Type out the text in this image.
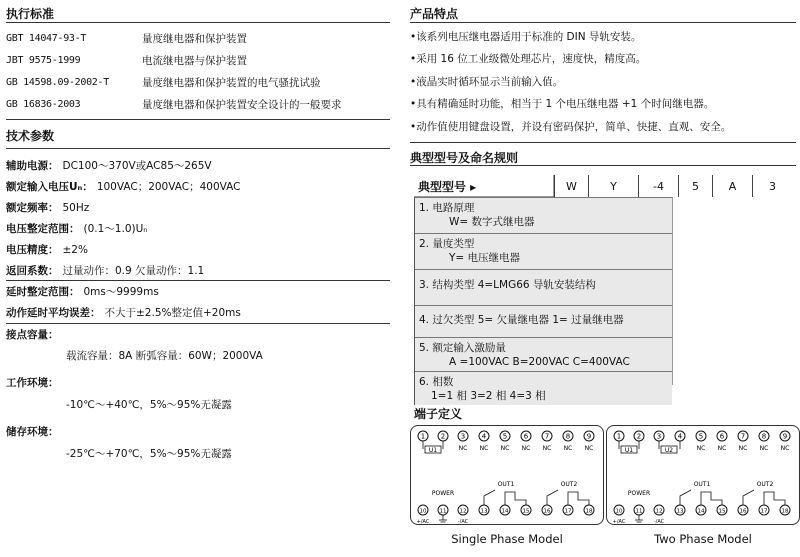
执行标准
GBT 14047-93-T	量度继电器和保护装置
JBT 9575-1999	电流继电器与保护装置
GB 14598.09-2002-T	量度继电器和保护装置的电气骚扰试验
GB 16836-2003	量度继电器和保护装置安全设计的一般要求
技术参数
辅助电源： DC100～370V或AC85～265V
额定输入电压Uₙ： 100VAC；200VAC；400VAC
额定频率： 50Hz
电压整定范围： (0.1～1.0)Uₙ
电压精度： ±2%
返回系数： 过量动作：0.9 欠量动作：1.1
延时整定范围： 0ms～9999ms
动作延时平均误差： 不大于±2.5%整定值+20ms
接点容量：
载流容量：8A 断弧容量：60W；2000VA
工作环境：
-10℃～+40℃，5%～95%无凝露
储存环境：
-25℃～+70℃，5%～95%无凝露
产品特点
•该系列电压继电器适用于标准的 DIN 导轨安装。
•采用 16 位工业级微处理芯片，速度快，精度高。
•液晶实时循环显示当前输入值。
•具有精确延时功能，相当于 1 个电压继电器 +1 个时间继电器。
•动作值使用键盘设置，并设有密码保护，简单、快捷、直观、安全。
典型型号及命名规则
典型型号 ▸	W	Y	-4	5	A	3
1. 电路原理
W= 数字式继电器
2. 量度类型
Y= 电压继电器
3. 结构类型 4=LMG66 导轨安装结构
4. 过欠类型 5= 欠量继电器 1= 过量继电器
5. 额定输入激励量
A =100VAC B=200VAC C=400VAC
6. 相数
1=1 相 3=2 相 4=3 相
端子定义
1 2 3 4 5 6 7 8 9
U1	NC NC NC NC NC NC NC
POWER
OUT1	OUT2
10 11 12	13	14	15	16	17	18
+/AC	-/AC
1 2 3 4 5 6 7 8 9
U1	U2	NC NC NC NC NC
POWER
OUT1	OUT2
10 11 12	13	14	15	16	17	18
+/AC	-/AC
Single Phase Model	Two Phase Model
